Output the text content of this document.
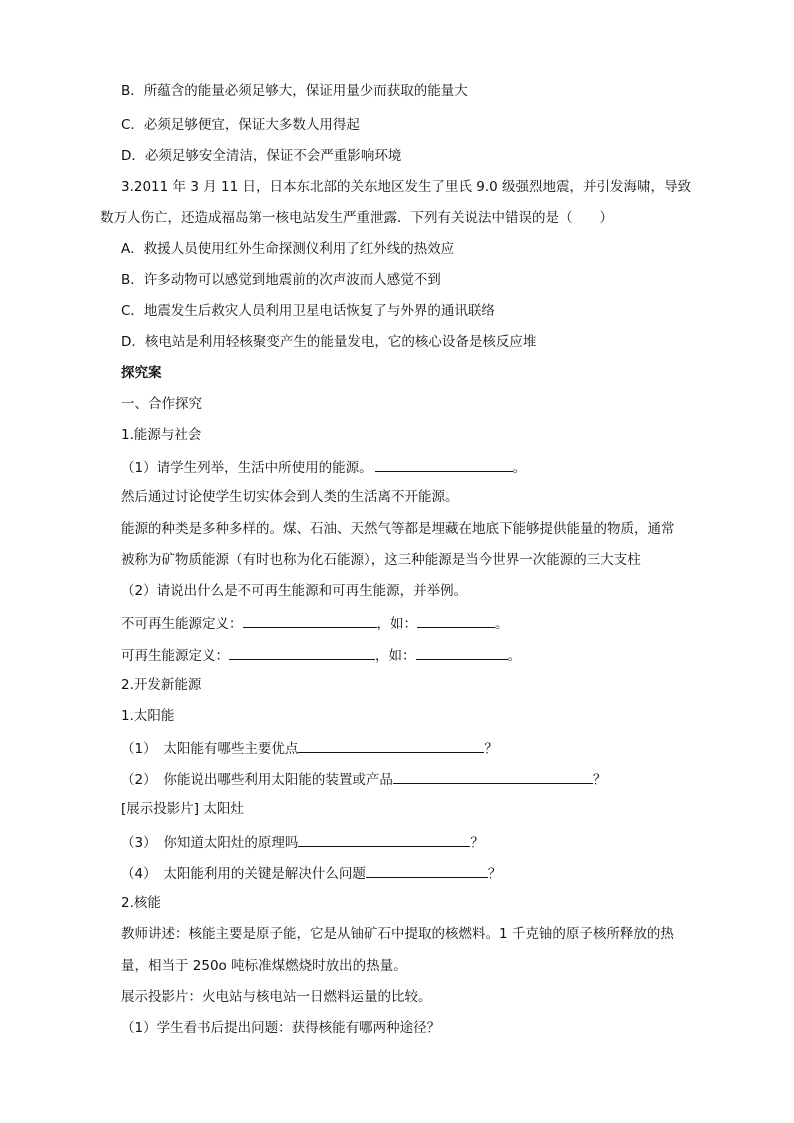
B．所蕴含的能量必须足够大，保证用量少而获取的能量大
C．必须足够便宜，保证大多数人用得起
D．必须足够安全清洁，保证不会严重影响环境
3.2011 年 3 月 11 日，日本东北部的关东地区发生了里氏 9.0 级强烈地震，并引发海啸，导致
数万人伤亡，还造成福岛第一核电站发生严重泄露．下列有关说法中错误的是（　　）
A．救援人员使用红外生命探测仪利用了红外线的热效应
B．许多动物可以感觉到地震前的次声波而人感觉不到
C．地震发生后救灾人员利用卫星电话恢复了与外界的通讯联络
D．核电站是利用轻核聚变产生的能量发电，它的核心设备是核反应堆
探究案
一、合作探究
1.能源与社会
（1）请学生列举，生活中所使用的能源。	。
然后通过讨论使学生切实体会到人类的生活离不开能源。
能源的种类是多种多样的。煤、石油、天然气等都是埋藏在地底下能够提供能量的物质，通常
被称为矿物质能源（有时也称为化石能源），这三种能源是当今世界一次能源的三大支柱
（2）请说出什么是不可再生能源和可再生能源，并举例。
不可再生能源定义：	，如：	。
可再生能源定义：	，如：	。
2.开发新能源
1.太阳能
（1）　太阳能有哪些主要优点	？
（2）　你能说出哪些利用太阳能的装置或产品	？
[展示投影片] 太阳灶
（3）　你知道太阳灶的原理吗	？
（4）　太阳能利用的关键是解决什么问题	？
2.核能
教师讲述：核能主要是原子能，它是从铀矿石中提取的核燃料。1 千克铀的原子核所释放的热
量，相当于 250o 吨标准煤燃烧时放出的热量。
展示投影片：火电站与核电站一日燃料运量的比较。
（1）学生看书后提出问题：获得核能有哪两种途径？
